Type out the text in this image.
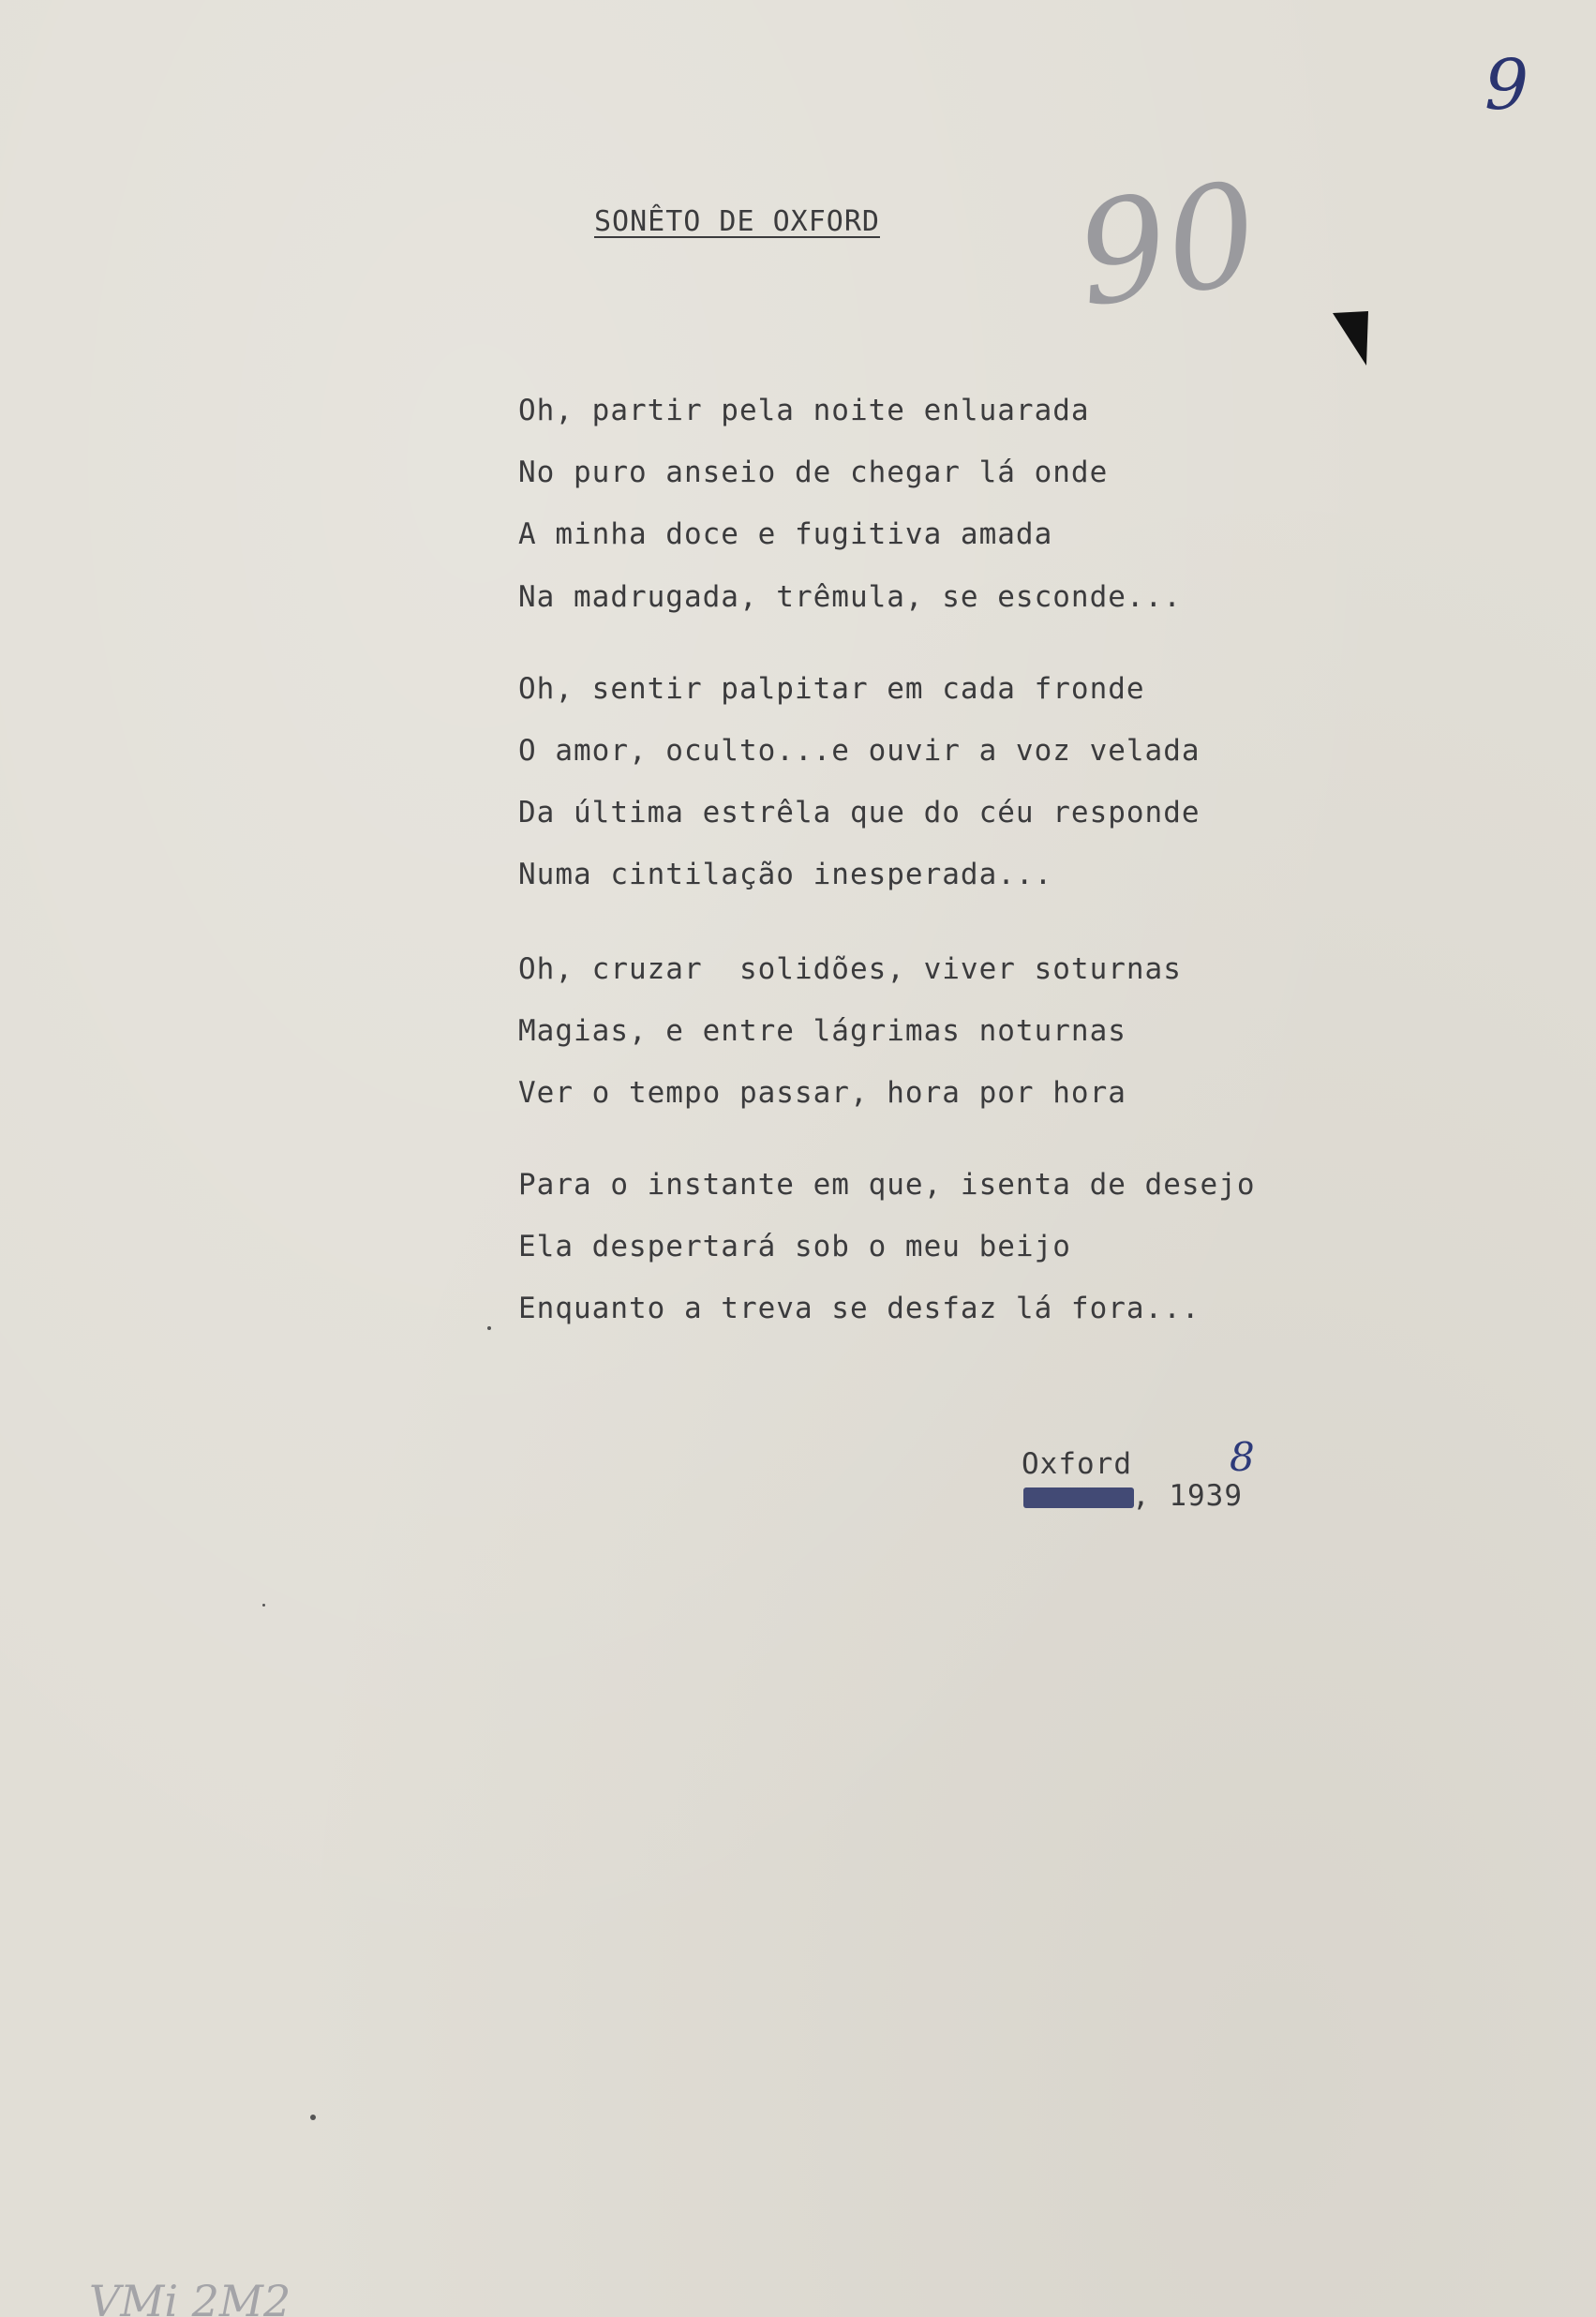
9
90
SONÊTO DE OXFORD
Oh, partir pela noite enluarada
No puro anseio de chegar lá onde
A minha doce e fugitiva amada
Na madrugada, trêmula, se esconde...
Oh, sentir palpitar em cada fronde
O amor, oculto...e ouvir a voz velada
Da última estrêla que do céu responde
Numa cintilação inesperada...
Oh, cruzar  solidões, viver soturnas
Magias, e entre lágrimas noturnas
Ver o tempo passar, hora por hora
Para o instante em que, isenta de desejo
Ela despertará sob o meu beijo
Enquanto a treva se desfaz lá fora...
Oxford
, 1939
8
VMi 2M2
